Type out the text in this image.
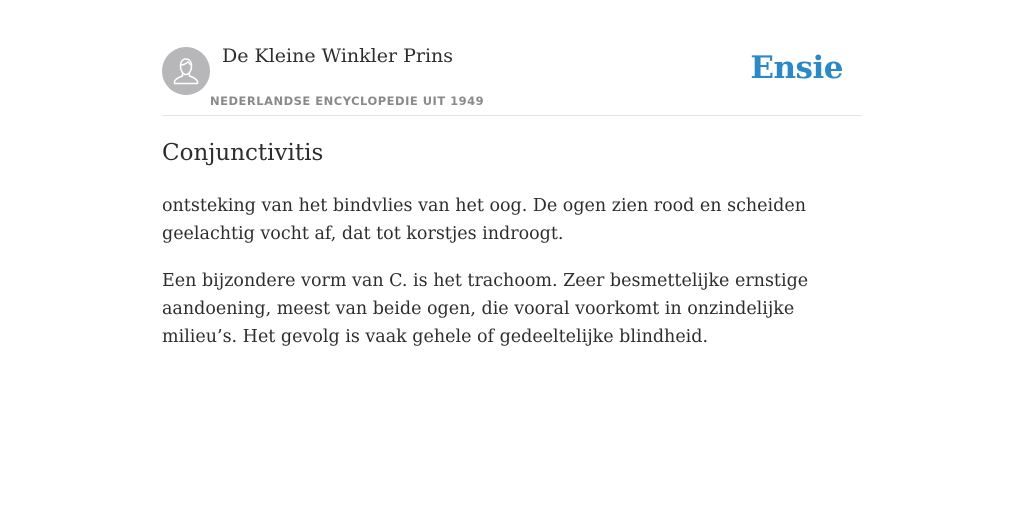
De Kleine Winkler Prins
NEDERLANDSE ENCYCLOPEDIE UIT 1949
Ensie
Conjunctivitis

ontsteking van het bindvlies van het oog. De ogen zien rood en scheiden geelachtig vocht af, dat tot korstjes indroogt.

Een bijzondere vorm van C. is het trachoom. Zeer besmettelijke ernstige aandoening, meest van beide ogen, die vooral voorkomt in onzindelijke milieu’s. Het gevolg is vaak gehele of gedeeltelijke blindheid.
